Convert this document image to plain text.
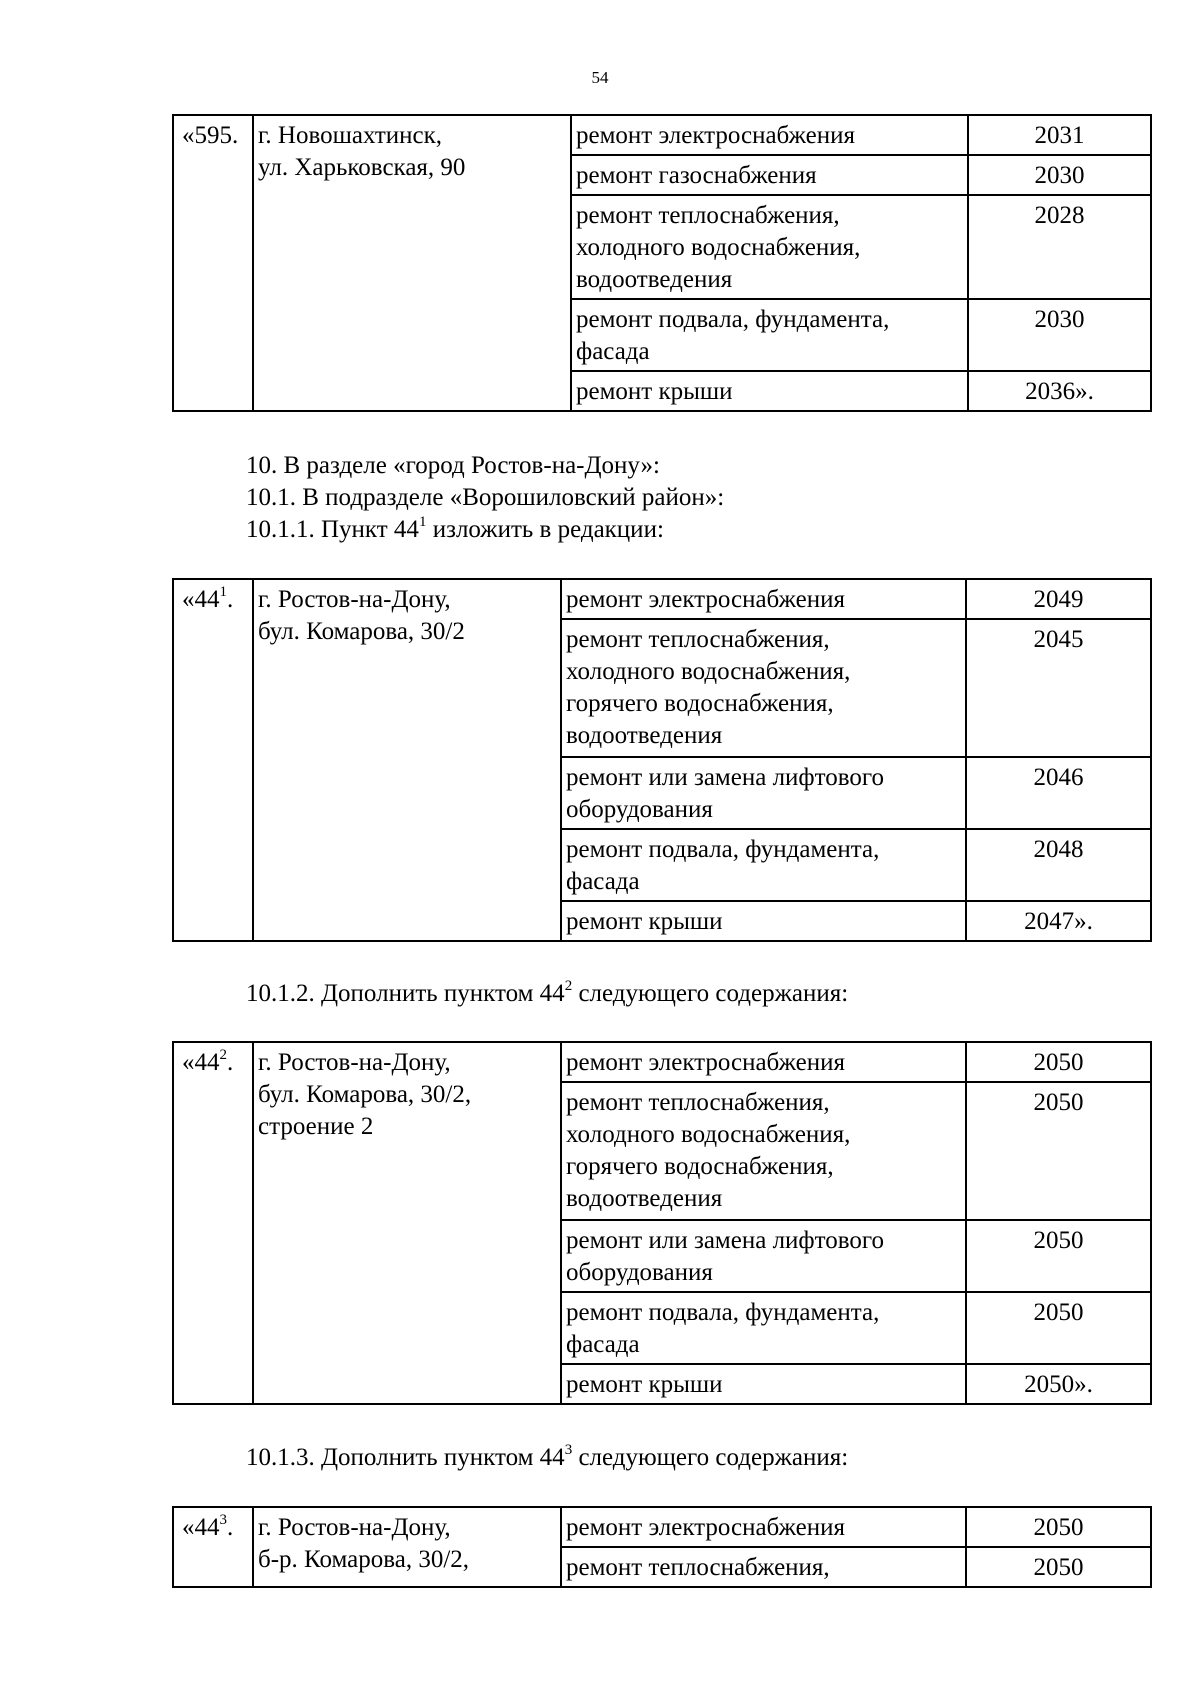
54
«595.	г. Новошахтинск,
ул. Харьковская, 90	ремонт электроснабжения	2031
		ремонт газоснабжения	2030
		ремонт теплоснабжения,
холодного водоснабжения,
водоотведения	2028
		ремонт подвала, фундамента,
фасада	2030
		ремонт крыши	2036».
10. В разделе «город Ростов-на-Дону»:
10.1. В подразделе «Ворошиловский район»:
10.1.1. Пункт $44^1$ изложить в редакции:
«$44^1$.	г. Ростов-на-Дону,
бул. Комарова, 30/2	ремонт электроснабжения	2049
		ремонт теплоснабжения,
холодного водоснабжения,
горячего водоснабжения,
водоотведения	2045
		ремонт или замена лифтового
оборудования	2046
		ремонт подвала, фундамента,
фасада	2048
		ремонт крыши	2047».
10.1.2. Дополнить пунктом $44^2$ следующего содержания:
«$44^2$.	г. Ростов-на-Дону,
бул. Комарова, 30/2,
строение 2	ремонт электроснабжения	2050
		ремонт теплоснабжения,
холодного водоснабжения,
горячего водоснабжения,
водоотведения	2050
		ремонт или замена лифтового
оборудования	2050
		ремонт подвала, фундамента,
фасада	2050
		ремонт крыши	2050».
10.1.3. Дополнить пунктом $44^3$ следующего содержания:
«$44^3$.	г. Ростов-на-Дону,
б-р. Комарова, 30/2,	ремонт электроснабжения	2050
		ремонт теплоснабжения,	2050
